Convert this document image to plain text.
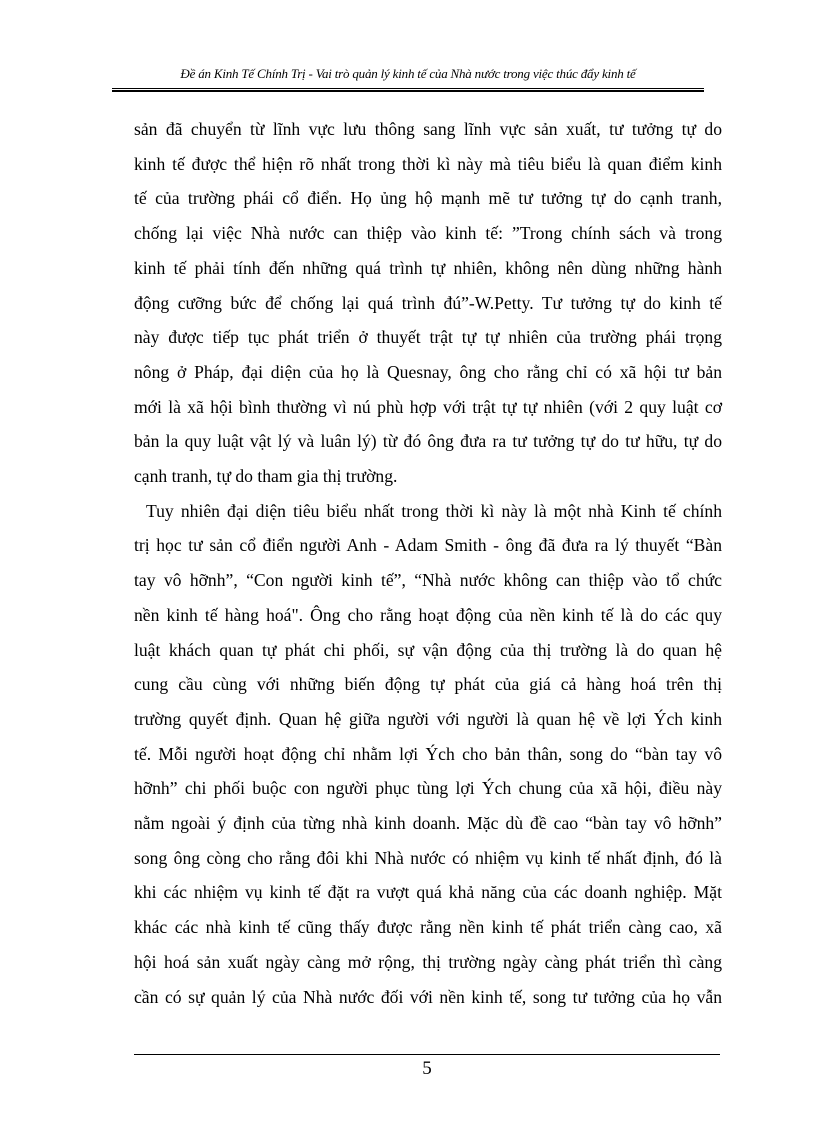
Đề án Kinh Tế Chính Trị - Vai trò quản lý kinh tế của Nhà nước trong việc thúc đẩy kinh tế

sản đã chuyển từ lĩnh vực lưu thông sang lĩnh vực sản xuất, tư tưởng tự do
kinh tế được thể hiện rõ nhất trong thời kì này mà tiêu biểu là quan điểm kinh
tế của trường phái cổ điển. Họ ủng hộ mạnh mẽ tư tưởng tự do cạnh tranh,
chống lại việc Nhà nước can thiệp vào kinh tế: ”Trong chính sách và trong
kinh tế phải tính đến những quá trình tự nhiên, không nên dùng những hành
động cưỡng bức để chống lại quá trình đú”-W.Petty. Tư tưởng tự do kinh tế
này được tiếp tục phát triển ở thuyết trật tự tự nhiên của trường phái trọng
nông ở Pháp, đại diện của họ là Quesnay, ông cho rằng chỉ có xã hội tư bản
mới là xã hội bình thường vì nú phù hợp với trật tự tự nhiên (với 2 quy luật cơ
bản la quy luật vật lý và luân lý) từ đó ông đưa ra tư tưởng tự do tư hữu, tự do
cạnh tranh, tự do tham gia thị trường.

Tuy nhiên đại diện tiêu biểu nhất trong thời kì này là một nhà Kinh tế chính
trị học tư sản cổ điển người Anh - Adam Smith - ông đã đưa ra lý thuyết “Bàn
tay vô hỡnh”, “Con người kinh tế”, “Nhà nước không can thiệp vào tổ chức
nền kinh tế hàng hoá". Ông cho rằng hoạt động của nền kinh tế là do các quy
luật khách quan tự phát chi phối, sự vận động của thị trường là do quan hệ
cung cầu cùng với những biến động tự phát của giá cả hàng hoá trên thị
trường quyết định. Quan hệ giữa người với người là quan hệ về lợi Ých kinh
tế. Mỗi người hoạt động chỉ nhằm lợi Ých cho bản thân, song do “bàn tay vô
hỡnh” chi phối buộc con người phục tùng lợi Ých chung của xã hội, điều này
nằm ngoài ý định của từng nhà kinh doanh. Mặc dù đề cao “bàn tay vô hỡnh”
song ông còng cho rằng đôi khi Nhà nước có nhiệm vụ kinh tế nhất định, đó là
khi các nhiệm vụ kinh tế đặt ra vượt quá khả năng của các doanh nghiệp. Mặt
khác các nhà kinh tế cũng thấy được rằng nền kinh tế phát triển càng cao, xã
hội hoá sản xuất ngày càng mở rộng, thị trường ngày càng phát triển thì càng
cần có sự quản lý của Nhà nước đối với nền kinh tế, song tư tưởng của họ vẫn

5
